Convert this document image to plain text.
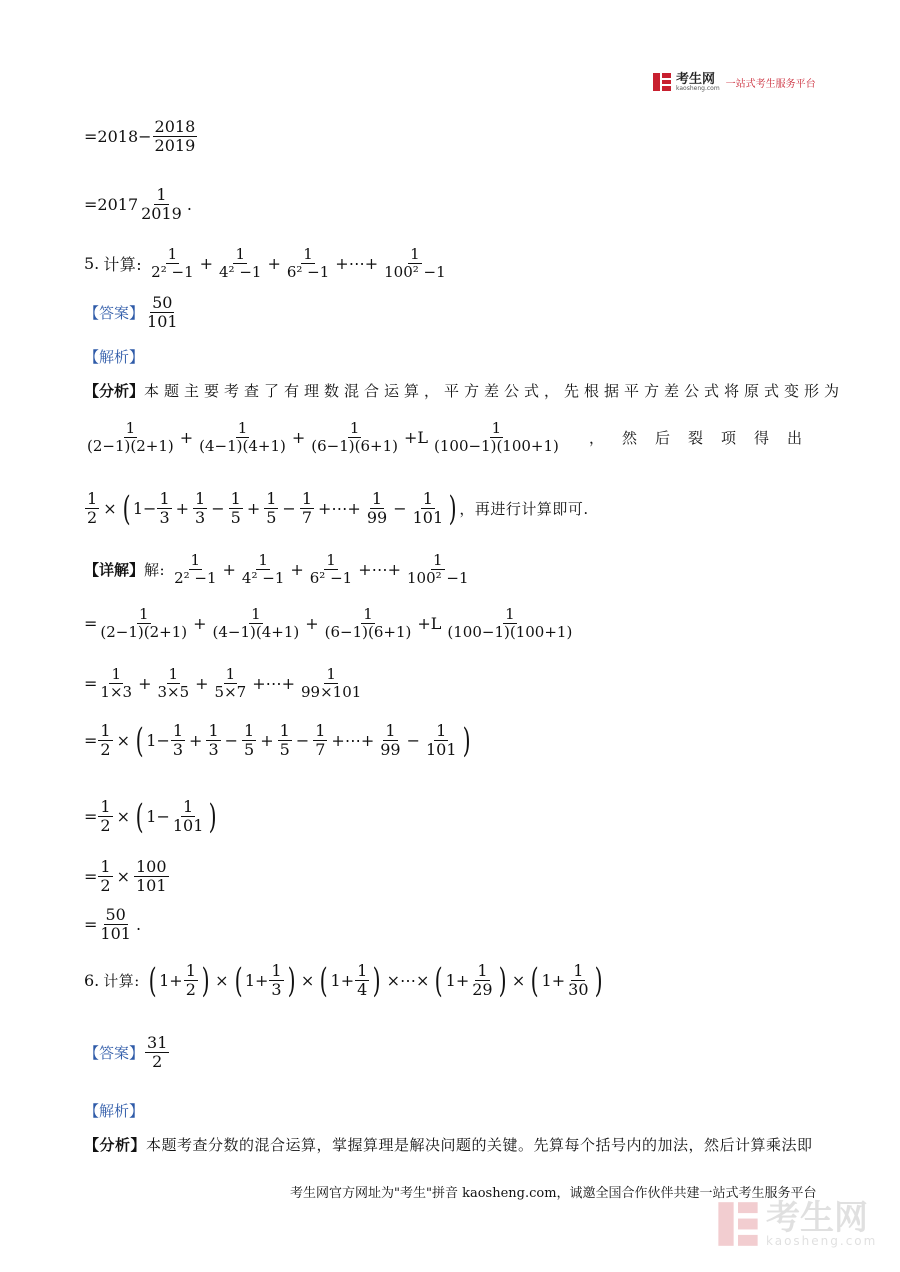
考生网
kaosheng.com 一站式考生服务平台
= $2018 - \frac{2018}{2019}$
= $2017 \frac{1}{2019}$ .
5. 计算: $\frac{1}{\text{2² −1}} + \frac{1}{\text{4² −1}} + \frac{1}{\text{6² −1}}$ +⋯+ $\frac{1}{\text{100² −1}}$
【答案】 $\frac{50}{101}$
【解析】
【分析】 本题主要考查了有理数混合运算，平方差公式，先根据平方差公式将原式变形为
$\frac{1}{(2-1)(2+1)} + \frac{1}{(4-1)(4+1)} + \frac{1}{(6-1)(6+1)} +L \frac{1}{(100-1)(100+1)}$ ，然后裂项得出
$\frac{1}{2}$ × ( $1- \frac{1}{3} + \frac{1}{3} - \frac{1}{5} + \frac{1}{5} - \frac{1}{7}$ +⋯+ $\frac{1}{99} - \frac{1}{101}$ ) ，再进行计算即可.
【详解】 解: $\frac{1}{\text{2² −1}} + \frac{1}{\text{4² −1}} + \frac{1}{\text{6² −1}}$ +⋯+ $\frac{1}{\text{100² −1}}$
= $\frac{1}{(2-1)(2+1)} + \frac{1}{(4-1)(4+1)} + \frac{1}{(6-1)(6+1)} +L \frac{1}{(100-1)(100+1)}$
= $\frac{1}{1\times 3} + \frac{1}{3\times 5} + \frac{1}{5\times 7}$ +⋯+ $\frac{1}{99\times 101}$
= $\frac{1}{2}$ × ( $1- \frac{1}{3} + \frac{1}{3} - \frac{1}{5} + \frac{1}{5} - \frac{1}{7}$ +⋯+ $\frac{1}{99} - \frac{1}{101}$ )
= $\frac{1}{2}$ × ( $1- \frac{1}{101}$ )
= $\frac{1}{2} \times \frac{100}{101}$
= $\frac{50}{101}$ .
6. 计算: ( $1+ \frac{1}{2}$ ) × ( $1+ \frac{1}{3}$ ) × ( $1+ \frac{1}{4}$ ) ×⋯× ( $1+ \frac{1}{29}$ ) × ( $1+ \frac{1}{30}$ )
【答案】 $\frac{31}{2}$
【解析】
【分析】 本题考查分数的混合运算，掌握算理是解决问题的关键。先算每个括号内的加法，然后计算乘法即
考生网官方网址为"考生"拼音 kaosheng.com，诚邀全国合作伙伴共建一站式考生服务平台
考生网
kaosheng.com
